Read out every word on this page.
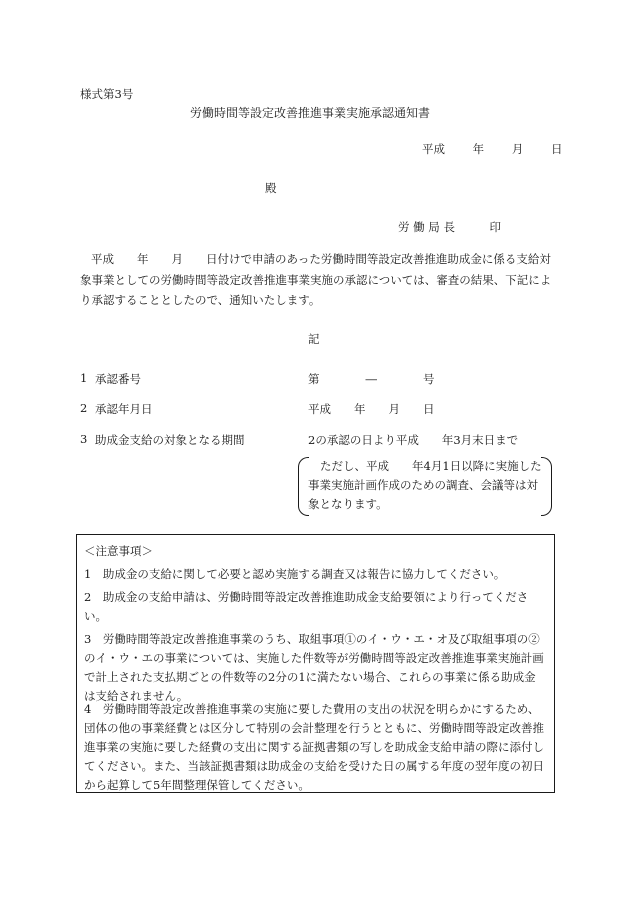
様式第3号
労働時間等設定改善推進事業実施承認通知書
平成 年 月 日
殿
労 働 局 長　　　印
平成　　年　　月　　日付けで申請のあった労働時間等設定改善推進助成金に係る支給対象事業としての労働時間等設定改善推進事業実施の承認については、審査の結果、下記により承認することとしたので、通知いたします。
記
1 承認番号	第　　　　―　　　　号
2 承認年月日	平成　　年　　月　　日
3 助成金支給の対象となる期間	2の承認の日より平成　　年3月末日まで
ただし、平成　　年4月1日以降に実施した事業実施計画作成のための調査、会議等は対象となります。
＜注意事項＞
1　助成金の支給に関して必要と認め実施する調査又は報告に協力してください。
2　助成金の支給申請は、労働時間等設定改善推進助成金支給要領により行ってください。
3　労働時間等設定改善推進事業のうち、取組事項①のイ・ウ・エ・オ及び取組事項の②のイ・ウ・エの事業については、実施した件数等が労働時間等設定改善推進事業実施計画で計上された支払期ごとの件数等の2分の1に満たない場合、これらの事業に係る助成金は支給されません。
4　労働時間等設定改善推進事業の実施に要した費用の支出の状況を明らかにするため、団体の他の事業経費とは区分して特別の会計整理を行うとともに、労働時間等設定改善推進事業の実施に要した経費の支出に関する証拠書類の写しを助成金支給申請の際に添付してください。また、当該証拠書類は助成金の支給を受けた日の属する年度の翌年度の初日から起算して5年間整理保管してください。
